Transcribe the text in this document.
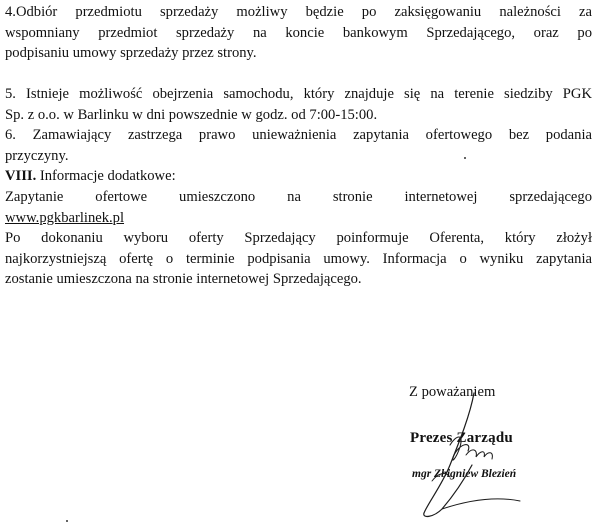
4.Odbiór przedmiotu sprzedaży możliwy będzie po zaksięgowaniu należności za
wspomniany przedmiot sprzedaży na koncie bankowym Sprzedającego, oraz po
podpisaniu umowy sprzedaży przez strony.
5. Istnieje możliwość obejrzenia samochodu, który znajduje się na terenie siedziby PGK
Sp. z o.o. w Barlinku w dni powszednie w godz. od 7:00-15:00.
6. Zamawiający zastrzega prawo unieważnienia zapytania ofertowego bez podania
przyczyny.
VIII. Informacje dodatkowe:
Zapytanie ofertowe umieszczono na stronie internetowej sprzedającego
www.pgkbarlinek.pl
Po dokonaniu wyboru oferty Sprzedający poinformuje Oferenta, który złożył
najkorzystniejszą ofertę o terminie podpisania umowy. Informacja o wyniku zapytania
zostanie umieszczona na stronie internetowej Sprzedającego.
Z poważaniem
Prezes Zarządu
mgr Zbigniew Blezień
